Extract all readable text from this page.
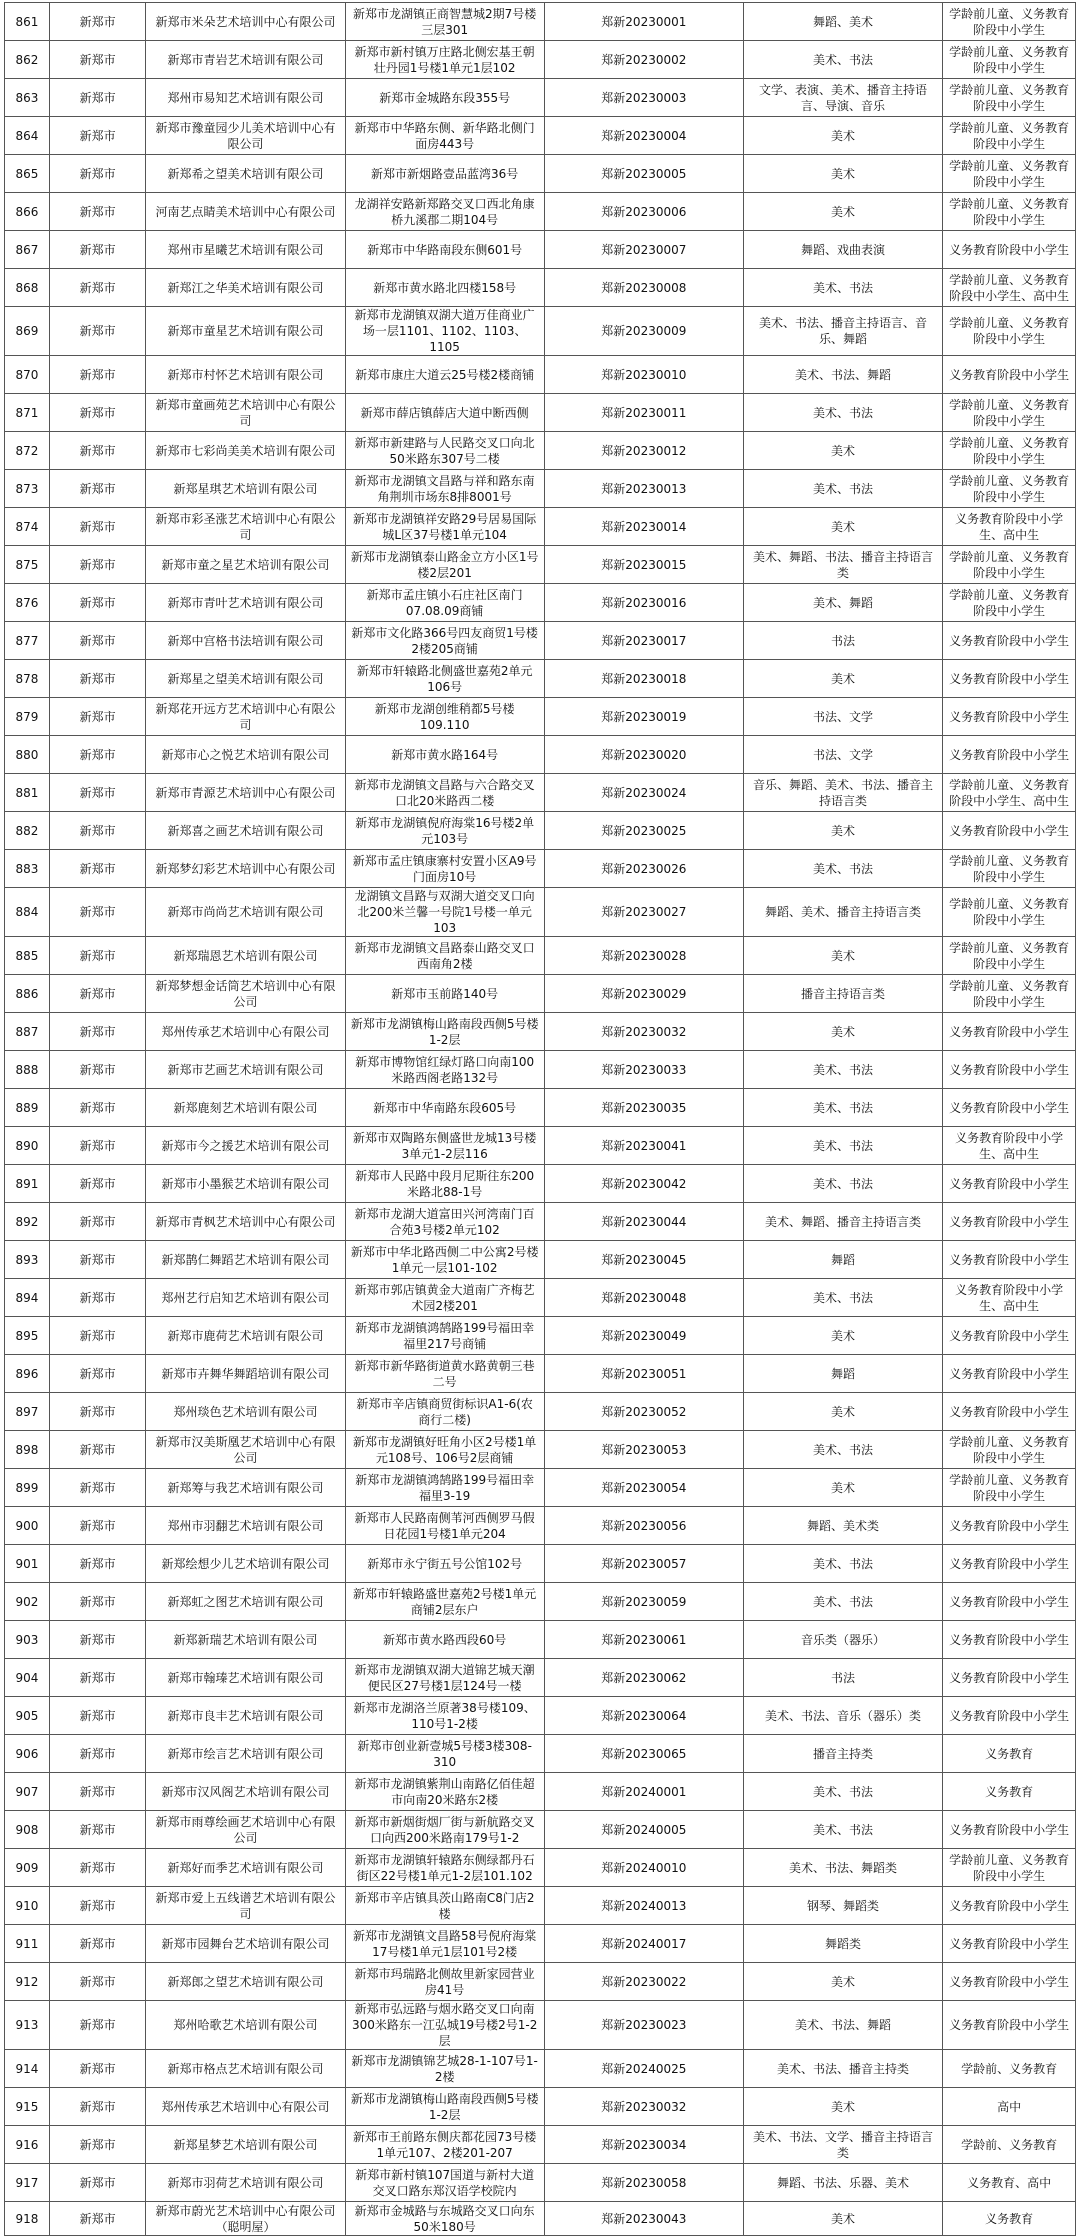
861	新郑市	新郑市米朵艺术培训中心有限公司	新郑市龙湖镇正商智慧城2期7号楼三层301	郑新20230001	舞蹈、美术	学龄前儿童、义务教育阶段中小学生
862	新郑市	新郑市青岩艺术培训有限公司	新郑市新村镇万庄路北侧宏基王朝壮丹园1号楼1单元1层102	郑新20230002	美术、书法	学龄前儿童、义务教育阶段中小学生
863	新郑市	郑州市易知艺术培训有限公司	新郑市金城路东段355号	郑新20230003	文学、表演、美术、播音主持语言、导演、音乐	学龄前儿童、义务教育阶段中小学生
864	新郑市	新郑市豫童园少儿美术培训中心有限公司	新郑市中华路东侧、新华路北侧门面房443号	郑新20230004	美术	学龄前儿童、义务教育阶段中小学生
865	新郑市	新郑希之望美术培训有限公司	新郑市新烟路壹品蓝湾36号	郑新20230005	美术	学龄前儿童、义务教育阶段中小学生
866	新郑市	河南艺点睛美术培训中心有限公司	龙湖祥安路新郑路交叉口西北角康桥九溪郡二期104号	郑新20230006	美术	学龄前儿童、义务教育阶段中小学生
867	新郑市	郑州市星曦艺术培训有限公司	新郑市中华路南段东侧601号	郑新20230007	舞蹈、戏曲表演	义务教育阶段中小学生
868	新郑市	新郑江之华美术培训有限公司	新郑市黄水路北四楼158号	郑新20230008	美术、书法	学龄前儿童、义务教育阶段中小学生、高中生
869	新郑市	新郑市童星艺术培训有限公司	新郑市龙湖镇双湖大道万佳商业广场一层1101、1102、1103、1105	郑新20230009	美术、书法、播音主持语言、音乐、舞蹈	学龄前儿童、义务教育阶段中小学生
870	新郑市	新郑市村怀艺术培训有限公司	新郑市康庄大道云25号楼2楼商铺	郑新20230010	美术、书法、舞蹈	义务教育阶段中小学生
871	新郑市	新郑市童画苑艺术培训中心有限公司	新郑市薛店镇薛店大道中断西侧	郑新20230011	美术、书法	学龄前儿童、义务教育阶段中小学生
872	新郑市	新郑市七彩尚美美术培训有限公司	新郑市新建路与人民路交叉口向北50米路东307号二楼	郑新20230012	美术	学龄前儿童、义务教育阶段中小学生
873	新郑市	新郑星琪艺术培训有限公司	新郑市龙湖镇文昌路与祥和路东南角荆圳市场东8排8001号	郑新20230013	美术、书法	学龄前儿童、义务教育阶段中小学生
874	新郑市	新郑市彩圣涨艺术培训中心有限公司	新郑市龙湖镇祥安路29号居易国际城L区37号楼1单元104	郑新20230014	美术	义务教育阶段中小学生、高中生
875	新郑市	新郑市童之星艺术培训有限公司	新郑市龙湖镇泰山路金立方小区1号楼2层201	郑新20230015	美术、舞蹈、书法、播音主持语言类	学龄前儿童、义务教育阶段中小学生
876	新郑市	新郑市青叶艺术培训有限公司	新郑市孟庄镇小石庄社区南门07.08.09商铺	郑新20230016	美术、舞蹈	学龄前儿童、义务教育阶段中小学生
877	新郑市	新郑中宫格书法培训有限公司	新郑市文化路366号四友商贸1号楼2楼205商铺	郑新20230017	书法	义务教育阶段中小学生
878	新郑市	新郑星之望美术培训有限公司	新郑市轩辕路北侧盛世嘉苑2单元106号	郑新20230018	美术	义务教育阶段中小学生
879	新郑市	新郑花开远方艺术培训中心有限公司	新郑市龙湖创维稍都5号楼109.110	郑新20230019	书法、文学	义务教育阶段中小学生
880	新郑市	新郑市心之悦艺术培训有限公司	新郑市黄水路164号	郑新20230020	书法、文学	义务教育阶段中小学生
881	新郑市	新郑市青源艺术培训中心有限公司	新郑市龙湖镇文昌路与六合路交叉口北20米路西二楼	郑新20230024	音乐、舞蹈、美术、书法、播音主持语言类	学龄前儿童、义务教育阶段中小学生、高中生
882	新郑市	新郑喜之画艺术培训有限公司	新郑市龙湖镇倪府海棠16号楼2单元103号	郑新20230025	美术	义务教育阶段中小学生
883	新郑市	新郑梦幻彩艺术培训中心有限公司	新郑市孟庄镇康寨村安置小区A9号门面房10号	郑新20230026	美术、书法	学龄前儿童、义务教育阶段中小学生
884	新郑市	新郑市尚尚艺术培训有限公司	龙湖镇文昌路与双湖大道交叉口向北200米兰馨一号院1号楼一单元103	郑新20230027	舞蹈、美术、播音主持语言类	学龄前儿童、义务教育阶段中小学生
885	新郑市	新郑瑞恩艺术培训有限公司	新郑市龙湖镇文昌路泰山路交叉口西南角2楼	郑新20230028	美术	学龄前儿童、义务教育阶段中小学生
886	新郑市	新郑梦想金话筒艺术培训中心有限公司	新郑市玉前路140号	郑新20230029	播音主持语言类	学龄前儿童、义务教育阶段中小学生
887	新郑市	郑州传承艺术培训中心有限公司	新郑市龙湖镇梅山路南段西侧5号楼1-2层	郑新20230032	美术	义务教育阶段中小学生
888	新郑市	新郑市艺画艺术培训有限公司	新郑市博物馆红绿灯路口向南100米路西阁老路132号	郑新20230033	美术、书法	义务教育阶段中小学生
889	新郑市	新郑鹿刻艺术培训有限公司	新郑市中华南路东段605号	郑新20230035	美术、书法	义务教育阶段中小学生
890	新郑市	新郑市今之援艺术培训有限公司	新郑市双陶路东侧盛世龙城13号楼3单元1-2层116	郑新20230041	美术、书法	义务教育阶段中小学生、高中生
891	新郑市	新郑市小墨猴艺术培训有限公司	新郑市人民路中段月尼斯往东200米路北88-1号	郑新20230042	美术、书法	义务教育阶段中小学生
892	新郑市	新郑市青枫艺术培训中心有限公司	新郑市龙湖大道富田兴河湾南门百合苑3号楼2单元102	郑新20230044	美术、舞蹈、播音主持语言类	义务教育阶段中小学生
893	新郑市	新郑鹊仁舞蹈艺术培训有限公司	新郑市中华北路西侧二中公寓2号楼1单元一层101-102	郑新20230045	舞蹈	义务教育阶段中小学生
894	新郑市	郑州艺行启知艺术培训有限公司	新郑市郭店镇黄金大道南广齐梅艺术园2楼201	郑新20230048	美术、书法	义务教育阶段中小学生、高中生
895	新郑市	新郑市鹿荷艺术培训有限公司	新郑市龙湖镇鸿鹄路199号福田幸福里217号商铺	郑新20230049	美术	义务教育阶段中小学生
896	新郑市	新郑市卉舞华舞蹈培训有限公司	新郑市新华路街道黄水路黄朝三巷二号	郑新20230051	舞蹈	义务教育阶段中小学生
897	新郑市	郑州琰色艺术培训有限公司	新郑市辛店镇商贸街标识A1-6(农商行二楼)	郑新20230052	美术	义务教育阶段中小学生
898	新郑市	新郑市汉美斯凰艺术培训中心有限公司	新郑市龙湖镇好旺角小区2号楼1单元108号、106号2层商铺	郑新20230053	美术、书法	学龄前儿童、义务教育阶段中小学生
899	新郑市	新郑筹与我艺术培训有限公司	新郑市龙湖镇鸿鹄路199号福田幸福里3-19	郑新20230054	美术	学龄前儿童、义务教育阶段中小学生
900	新郑市	郑州市羽翻艺术培训有限公司	新郑市人民路南侧苇河西侧罗马假日花园1号楼1单元204	郑新20230056	舞蹈、美术类	义务教育阶段中小学生
901	新郑市	新郑绘想少儿艺术培训有限公司	新郑市永宁街五号公馆102号	郑新20230057	美术、书法	义务教育阶段中小学生
902	新郑市	新郑虹之图艺术培训有限公司	新郑市轩辕路盛世嘉苑2号楼1单元商铺2层东户	郑新20230059	美术、书法	义务教育阶段中小学生
903	新郑市	新郑新瑞艺术培训有限公司	新郑市黄水路西段60号	郑新20230061	音乐类（器乐）	义务教育阶段中小学生
904	新郑市	新郑市翰瑧艺术培训有限公司	新郑市龙湖镇双湖大道锦艺城天潮便民区27号楼1层124号一楼	郑新20230062	书法	义务教育阶段中小学生
905	新郑市	新郑市良丰艺术培训有限公司	新郑市龙湖洛兰原著38号楼109、110号1-2楼	郑新20230064	美术、书法、音乐（器乐）类	义务教育阶段中小学生
906	新郑市	新郑市绘言艺术培训有限公司	新郑市创业新壹城5号楼3楼308-310	郑新20230065	播音主持类	义务教育
907	新郑市	新郑市汉风阁艺术培训有限公司	新郑市龙湖镇紫荆山南路亿佰佳超市向南20米路东2楼	郑新20240001	美术、书法	义务教育
908	新郑市	新郑市雨尊绘画艺术培训中心有限公司	新郑市新烟街烟厂街与新航路交叉口向西200米路南179号1-2	郑新20240005	美术、书法	义务教育阶段中小学生
909	新郑市	新郑好而季艺术培训有限公司	新郑市龙湖镇轩辕路东侧绿都丹石街区22号楼1单元1-2层101.102	郑新20240010	美术、书法、舞蹈类	学龄前儿童、义务教育阶段中小学生
910	新郑市	新郑市爱上五线谱艺术培训有限公司	新郑市辛店镇具茨山路南C8门店2楼	郑新20240013	钢琴、舞蹈类	义务教育阶段中小学生
911	新郑市	新郑市园舞台艺术培训有限公司	新郑市龙湖镇文昌路58号倪府海棠17号楼1单元1层101号2楼	郑新20240017	舞蹈类	义务教育阶段中小学生
912	新郑市	新郑郎之望艺术培训有限公司	新郑市玛瑞路北侧故里新家园营业房41号	郑新20230022	美术	义务教育阶段中小学生
913	新郑市	郑州哈歌艺术培训有限公司	新郑市弘远路与烟水路交叉口向南300米路东一江弘城19号楼2号1-2层	郑新20230023	美术、书法、舞蹈	义务教育阶段中小学生
914	新郑市	新郑市格点艺术培训有限公司	新郑市龙湖镇锦艺城28-1-107号1-2楼	郑新20240025	美术、书法、播音主持类	学龄前、义务教育
915	新郑市	郑州传承艺术培训中心有限公司	新郑市龙湖镇梅山路南段西侧5号楼1-2层	郑新20230032	美术	高中
916	新郑市	新郑星梦艺术培训有限公司	新郑市王前路东侧庆都花园73号楼1单元107、2楼201-207	郑新20230034	美术、书法、文学、播音主持语言类	学龄前、义务教育
917	新郑市	新郑市羽荷艺术培训有限公司	新郑市新村镇107国道与新村大道交叉口路东郑汉语学校院内	郑新20230058	舞蹈、书法、乐器、美术	义务教育、高中
918	新郑市	新郑市蔚光艺术培训中心有限公司（聪明屋）	新郑市金城路与东城路交叉口向东50米180号	郑新20230043	美术	义务教育
